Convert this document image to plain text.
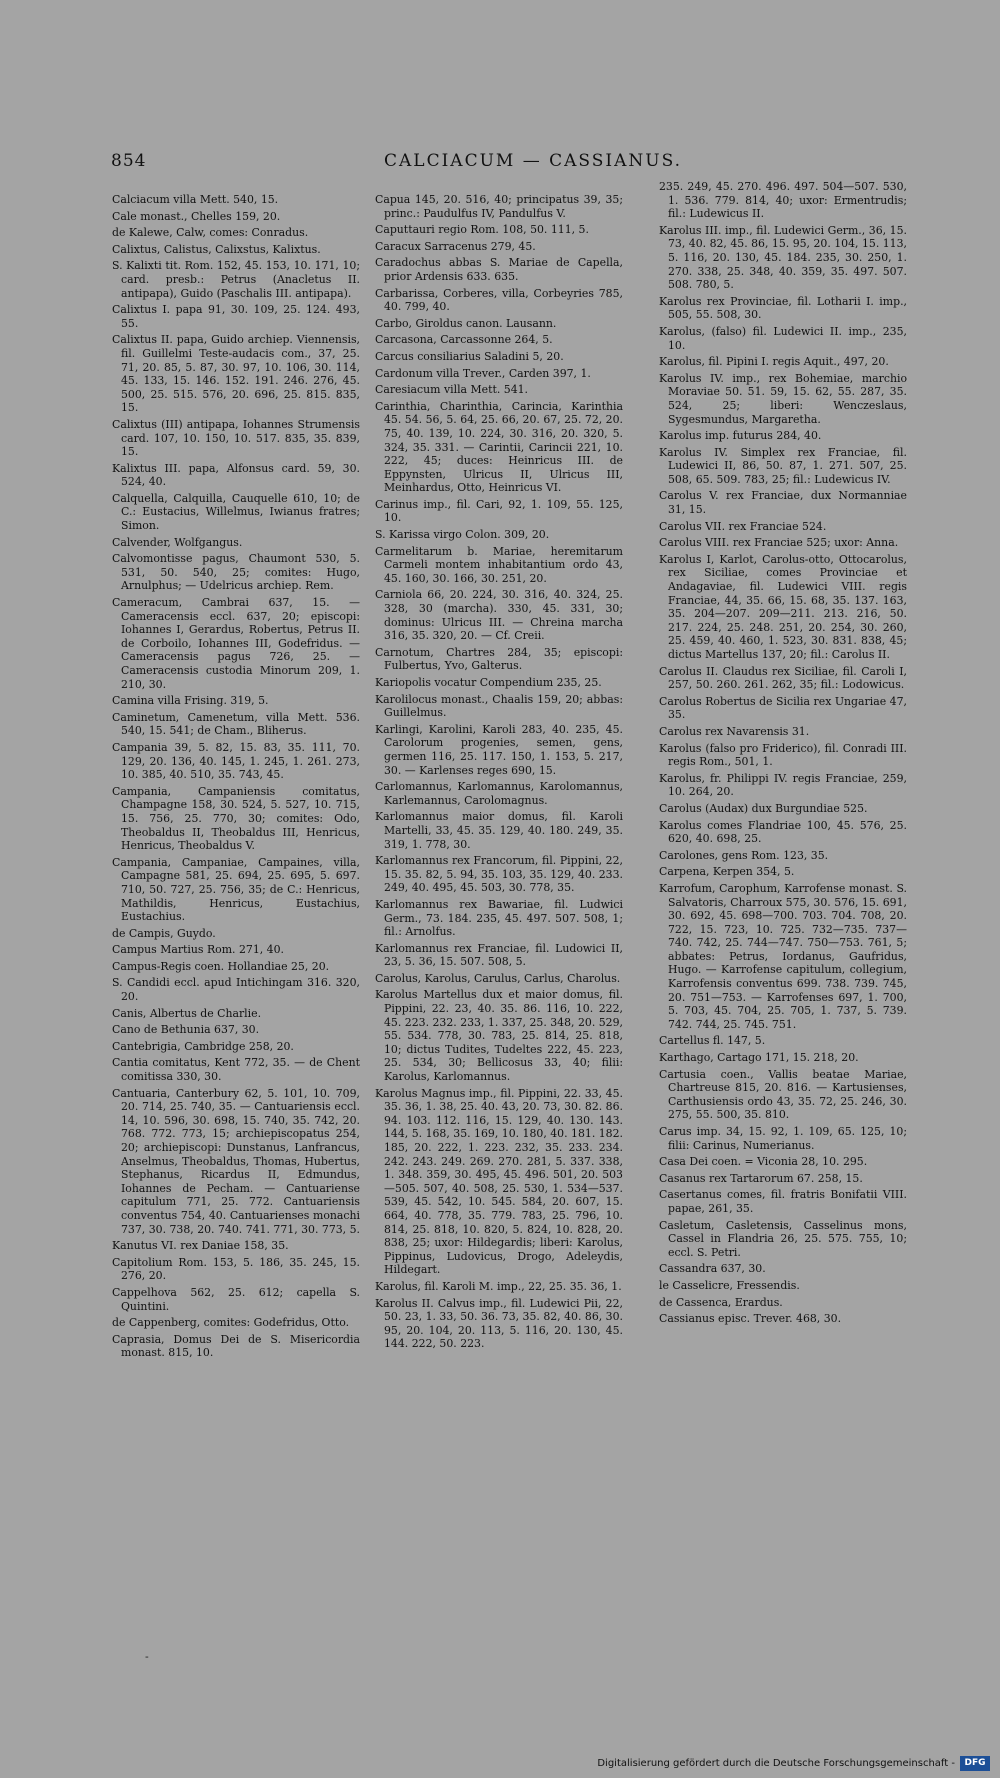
854	CALCIACUM — CASSIANUS.

Calciacum villa Mett. 540, 15.

Cale monast., Chelles 159, 20.

de Kalewe, Calw, comes: Conradus.

Calixtus, Calistus, Calixstus, Kalixtus.

S. Kalixti tit. Rom. 152, 45. 153, 10. 171, 10; card. presb.: Petrus (Anacletus II. antipapa), Guido (Paschalis III. antipapa).

Calixtus I. papa 91, 30. 109, 25. 124. 493, 55.

Calixtus II. papa, Guido archiep. Viennensis, fil. Guillelmi Teste-audacis com., 37, 25. 71, 20. 85, 5. 87, 30. 97, 10. 106, 30. 114, 45. 133, 15. 146. 152. 191. 246. 276, 45. 500, 25. 515. 576, 20. 696, 25. 815. 835, 15.

Calixtus (III) antipapa, Iohannes Strumensis card. 107, 10. 150, 10. 517. 835, 35. 839, 15.

Kalixtus III. papa, Alfonsus card. 59, 30. 524, 40.

Calquella, Calquilla, Cauquelle 610, 10; de C.: Eustacius, Willelmus, Iwianus fratres; Simon.

Calvender, Wolfgangus.

Calvomontisse pagus, Chaumont 530, 5. 531, 50. 540, 25; comites: Hugo, Arnulphus; — Udelricus archiep. Rem.

Cameracum, Cambrai 637, 15. — Cameracensis eccl. 637, 20; episcopi: Iohannes I, Gerardus, Robertus, Petrus II. de Corboilo, Iohannes III, Godefridus. — Cameracensis pagus 726, 25. — Cameracensis custodia Minorum 209, 1. 210, 30.

Camina villa Frising. 319, 5.

Caminetum, Camenetum, villa Mett. 536. 540, 15. 541; de Cham., Bliherus.

Campania 39, 5. 82, 15. 83, 35. 111, 70. 129, 20. 136, 40. 145, 1. 245, 1. 261. 273, 10. 385, 40. 510, 35. 743, 45.

Campania, Campaniensis comitatus, Champagne 158, 30. 524, 5. 527, 10. 715, 15. 756, 25. 770, 30; comites: Odo, Theobaldus II, Theobaldus III, Henricus, Henricus, Theobaldus V.

Campania, Campaniae, Campaines, villa, Campagne 581, 25. 694, 25. 695, 5. 697. 710, 50. 727, 25. 756, 35; de C.: Henricus, Mathildis, Henricus, Eustachius, Eustachius.

de Campis, Guydo.

Campus Martius Rom. 271, 40.

Campus-Regis coen. Hollandiae 25, 20.

S. Candidi eccl. apud Intichingam 316. 320, 20.

Canis, Albertus de Charlie.

Cano de Bethunia 637, 30.

Cantebrigia, Cambridge 258, 20.

Cantia comitatus, Kent 772, 35. — de Chent comitissa 330, 30.

Cantuaria, Canterbury 62, 5. 101, 10. 709, 20. 714, 25. 740, 35. — Cantuariensis eccl. 14, 10. 596, 30. 698, 15. 740, 35. 742, 20. 768. 772. 773, 15; archiepiscopatus 254, 20; archiepiscopi: Dunstanus, Lanfrancus, Anselmus, Theobaldus, Thomas, Hubertus, Stephanus, Ricardus II, Edmundus, Iohannes de Pecham. — Cantuariense capitulum 771, 25. 772. Cantuariensis conventus 754, 40. Cantuarienses monachi 737, 30. 738, 20. 740. 741. 771, 30. 773, 5.

Kanutus VI. rex Daniae 158, 35.

Capitolium Rom. 153, 5. 186, 35. 245, 15. 276, 20.

Cappelhova 562, 25. 612; capella S. Quintini.

de Cappenberg, comites: Godefridus, Otto.

Caprasia, Domus Dei de S. Misericordia monast. 815, 10.

Capua 145, 20. 516, 40; principatus 39, 35; princ.: Paudulfus IV, Pandulfus V.

Caputtauri regio Rom. 108, 50. 111, 5.

Caracux Sarracenus 279, 45.

Caradochus abbas S. Mariae de Capella, prior Ardensis 633. 635.

Carbarissa, Corberes, villa, Corbeyries 785, 40. 799, 40.

Carbo, Giroldus canon. Lausann.

Carcasona, Carcassonne 264, 5.

Carcus consiliarius Saladini 5, 20.

Cardonum villa Trever., Carden 397, 1.

Caresiacum villa Mett. 541.

Carinthia, Charinthia, Carincia, Karinthia 45. 54. 56, 5. 64, 25. 66, 20. 67, 25. 72, 20. 75, 40. 139, 10. 224, 30. 316, 20. 320, 5. 324, 35. 331. — Carintii, Carincii 221, 10. 222, 45; duces: Heinricus III. de Eppynsten, Ulricus II, Ulricus III, Meinhardus, Otto, Heinricus VI.

Carinus imp., fil. Cari, 92, 1. 109, 55. 125, 10.

S. Karissa virgo Colon. 309, 20.

Carmelitarum b. Mariae, heremitarum Carmeli montem inhabitantium ordo 43, 45. 160, 30. 166, 30. 251, 20.

Carniola 66, 20. 224, 30. 316, 40. 324, 25. 328, 30 (marcha). 330, 45. 331, 30; dominus: Ulricus III. — Chreina marcha 316, 35. 320, 20. — Cf. Creii.

Carnotum, Chartres 284, 35; episcopi: Fulbertus, Yvo, Galterus.

Kariopolis vocatur Compendium 235, 25.

Karolilocus monast., Chaalis 159, 20; abbas: Guillelmus.

Karlingi, Karolini, Karoli 283, 40. 235, 45. Carolorum progenies, semen, gens, germen 116, 25. 117. 150, 1. 153, 5. 217, 30. — Karlenses reges 690, 15.

Carlomannus, Karlomannus, Karolomannus, Karlemannus, Carolomagnus.

Karlomannus maior domus, fil. Karoli Martelli, 33, 45. 35. 129, 40. 180. 249, 35. 319, 1. 778, 30.

Karlomannus rex Francorum, fil. Pippini, 22, 15. 35. 82, 5. 94, 35. 103, 35. 129, 40. 233. 249, 40. 495, 45. 503, 30. 778, 35.

Karlomannus rex Bawariae, fil. Ludwici Germ., 73. 184. 235, 45. 497. 507. 508, 1; fil.: Arnolfus.

Karlomannus rex Franciae, fil. Ludowici II, 23, 5. 36, 15. 507. 508, 5.

Carolus, Karolus, Carulus, Carlus, Charolus.

Karolus Martellus dux et maior domus, fil. Pippini, 22. 23, 40. 35. 86. 116, 10. 222, 45. 223. 232. 233, 1. 337, 25. 348, 20. 529, 55. 534. 778, 30. 783, 25. 814, 25. 818, 10; dictus Tudites, Tudeltes 222, 45. 223, 25. 534, 30; Bellicosus 33, 40; filii: Karolus, Karlomannus.

Karolus Magnus imp., fil. Pippini, 22. 33, 45. 35. 36, 1. 38, 25. 40. 43, 20. 73, 30. 82. 86. 94. 103. 112. 116, 15. 129, 40. 130. 143. 144, 5. 168, 35. 169, 10. 180, 40. 181. 182. 185, 20. 222, 1. 223. 232, 35. 233. 234. 242. 243. 249. 269. 270. 281, 5. 337. 338, 1. 348. 359, 30. 495, 45. 496. 501, 20. 503—505. 507, 40. 508, 25. 530, 1. 534—537. 539, 45. 542, 10. 545. 584, 20. 607, 15. 664, 40. 778, 35. 779. 783, 25. 796, 10. 814, 25. 818, 10. 820, 5. 824, 10. 828, 20. 838, 25; uxor: Hildegardis; liberi: Karolus, Pippinus, Ludovicus, Drogo, Adeleydis, Hildegart.

Karolus, fil. Karoli M. imp., 22, 25. 35. 36, 1.

Karolus II. Calvus imp., fil. Ludewici Pii, 22, 50. 23, 1. 33, 50. 36. 73, 35. 82, 40. 86, 30. 95, 20. 104, 20. 113, 5. 116, 20. 130, 45. 144. 222, 50. 223.

235. 249, 45. 270. 496. 497. 504—507. 530, 1. 536. 779. 814, 40; uxor: Ermentrudis; fil.: Ludewicus II.

Karolus III. imp., fil. Ludewici Germ., 36, 15. 73, 40. 82, 45. 86, 15. 95, 20. 104, 15. 113, 5. 116, 20. 130, 45. 184. 235, 30. 250, 1. 270. 338, 25. 348, 40. 359, 35. 497. 507. 508. 780, 5.

Karolus rex Provinciae, fil. Lotharii I. imp., 505, 55. 508, 30.

Karolus, (falso) fil. Ludewici II. imp., 235, 10.

Karolus, fil. Pipini I. regis Aquit., 497, 20.

Karolus IV. imp., rex Bohemiae, marchio Moraviae 50. 51. 59, 15. 62, 55. 287, 35. 524, 25; liberi: Wenczeslaus, Sygesmundus, Margaretha.

Karolus imp. futurus 284, 40.

Karolus IV. Simplex rex Franciae, fil. Ludewici II, 86, 50. 87, 1. 271. 507, 25. 508, 65. 509. 783, 25; fil.: Ludewicus IV.

Carolus V. rex Franciae, dux Normanniae 31, 15.

Carolus VII. rex Franciae 524.

Carolus VIII. rex Franciae 525; uxor: Anna.

Karolus I, Karlot, Carolus-otto, Ottocarolus, rex Siciliae, comes Provinciae et Andagaviae, fil. Ludewici VIII. regis Franciae, 44, 35. 66, 15. 68, 35. 137. 163, 35. 204—207. 209—211. 213. 216, 50. 217. 224, 25. 248. 251, 20. 254, 30. 260, 25. 459, 40. 460, 1. 523, 30. 831. 838, 45; dictus Martellus 137, 20; fil.: Carolus II.

Carolus II. Claudus rex Siciliae, fil. Caroli I, 257, 50. 260. 261. 262, 35; fil.: Lodowicus.

Carolus Robertus de Sicilia rex Ungariae 47, 35.

Carolus rex Navarensis 31.

Karolus (falso pro Friderico), fil. Conradi III. regis Rom., 501, 1.

Karolus, fr. Philippi IV. regis Franciae, 259, 10. 264, 20.

Carolus (Audax) dux Burgundiae 525.

Karolus comes Flandriae 100, 45. 576, 25. 620, 40. 698, 25.

Carolones, gens Rom. 123, 35.

Carpena, Kerpen 354, 5.

Karrofum, Carophum, Karrofense monast. S. Salvatoris, Charroux 575, 30. 576, 15. 691, 30. 692, 45. 698—700. 703. 704. 708, 20. 722, 15. 723, 10. 725. 732—735. 737—740. 742, 25. 744—747. 750—753. 761, 5; abbates: Petrus, Iordanus, Gaufridus, Hugo. — Karrofense capitulum, collegium, Karrofensis conventus 699. 738. 739. 745, 20. 751—753. — Karrofenses 697, 1. 700, 5. 703, 45. 704, 25. 705, 1. 737, 5. 739. 742. 744, 25. 745. 751.

Cartellus fl. 147, 5.

Karthago, Cartago 171, 15. 218, 20.

Cartusia coen., Vallis beatae Mariae, Chartreuse 815, 20. 816. — Kartusienses, Carthusiensis ordo 43, 35. 72, 25. 246, 30. 275, 55. 500, 35. 810.

Carus imp. 34, 15. 92, 1. 109, 65. 125, 10; filii: Carinus, Numerianus.

Casa Dei coen. = Viconia 28, 10. 295.

Casanus rex Tartarorum 67. 258, 15.

Casertanus comes, fil. fratris Bonifatii VIII. papae, 261, 35.

Casletum, Casletensis, Casselinus mons, Cassel in Flandria 26, 25. 575. 755, 10; eccl. S. Petri.

Cassandra 637, 30.

le Casselicre, Fressendis.

de Cassenca, Erardus.

Cassianus episc. Trever. 468, 30.

-
Digitalisierung gefördert durch die Deutsche Forschungsgemeinschaft -	DFG
